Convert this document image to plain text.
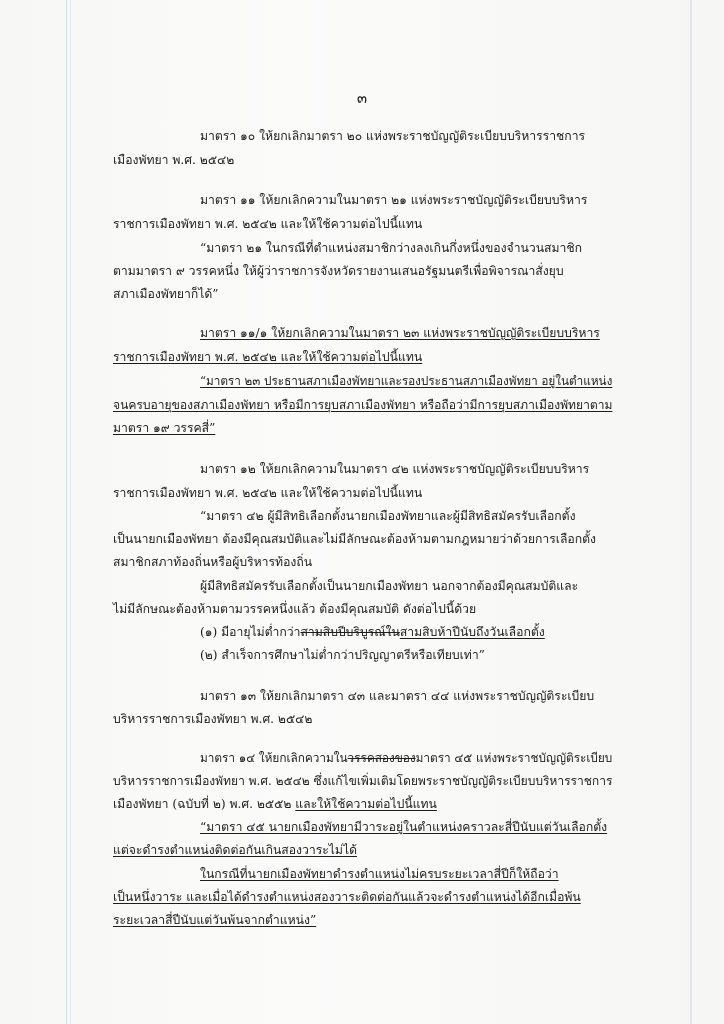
๓
มาตรา ๑๐ ให้ยกเลิกมาตรา ๒๐ แห่งพระราชบัญญัติระเบียบบริหารราชการ
เมืองพัทยา พ.ศ. ๒๕๔๒
มาตรา ๑๑ ให้ยกเลิกความในมาตรา ๒๑ แห่งพระราชบัญญัติระเบียบบริหาร
ราชการเมืองพัทยา พ.ศ. ๒๕๔๒ และให้ใช้ความต่อไปนี้แทน
“มาตรา ๒๑ ในกรณีที่ตำแหน่งสมาชิกว่างลงเกินกึ่งหนึ่งของจำนวนสมาชิก
ตามมาตรา ๙ วรรคหนึ่ง ให้ผู้ว่าราชการจังหวัดรายงานเสนอรัฐมนตรีเพื่อพิจารณาสั่งยุบ
สภาเมืองพัทยาก็ได้”
มาตรา ๑๑/๑ ให้ยกเลิกความในมาตรา ๒๓ แห่งพระราชบัญญัติระเบียบบริหาร
ราชการเมืองพัทยา พ.ศ. ๒๕๔๒ และให้ใช้ความต่อไปนี้แทน
“มาตรา ๒๓ ประธานสภาเมืองพัทยาและรองประธานสภาเมืองพัทยา อยู่ในตำแหน่ง
จนครบอายุของสภาเมืองพัทยา หรือมีการยุบสภาเมืองพัทยา หรือถือว่ามีการยุบสภาเมืองพัทยาตาม
มาตรา ๑๙ วรรคสี่”
มาตรา ๑๒ ให้ยกเลิกความในมาตรา ๔๒ แห่งพระราชบัญญัติระเบียบบริหาร
ราชการเมืองพัทยา พ.ศ. ๒๕๔๒ และให้ใช้ความต่อไปนี้แทน
“มาตรา ๔๒ ผู้มีสิทธิเลือกตั้งนายกเมืองพัทยาและผู้มีสิทธิสมัครรับเลือกตั้ง
เป็นนายกเมืองพัทยา ต้องมีคุณสมบัติและไม่มีลักษณะต้องห้ามตามกฎหมายว่าด้วยการเลือกตั้ง
สมาชิกสภาท้องถิ่นหรือผู้บริหารท้องถิ่น
ผู้มีสิทธิสมัครรับเลือกตั้งเป็นนายกเมืองพัทยา นอกจากต้องมีคุณสมบัติและ
ไม่มีลักษณะต้องห้ามตามวรรคหนึ่งแล้ว ต้องมีคุณสมบัติ ดังต่อไปนี้ด้วย
(๑) มีอายุไม่ต่ำกว่าสามสิบปีบริบูรณ์ในสามสิบห้าปีนับถึงวันเลือกตั้ง
(๒) สำเร็จการศึกษาไม่ต่ำกว่าปริญญาตรีหรือเทียบเท่า”
มาตรา ๑๓ ให้ยกเลิกมาตรา ๔๓ และมาตรา ๔๔ แห่งพระราชบัญญัติระเบียบ
บริหารราชการเมืองพัทยา พ.ศ. ๒๕๔๒
มาตรา ๑๔ ให้ยกเลิกความในวรรคสองของมาตรา ๔๕ แห่งพระราชบัญญัติระเบียบ
บริหารราชการเมืองพัทยา พ.ศ. ๒๕๔๒ ซึ่งแก้ไขเพิ่มเติมโดยพระราชบัญญัติระเบียบบริหารราชการ
เมืองพัทยา (ฉบับที่ ๒) พ.ศ. ๒๕๕๒ และให้ใช้ความต่อไปนี้แทน
“มาตรา ๔๕ นายกเมืองพัทยามีวาระอยู่ในตำแหน่งคราวละสี่ปีนับแต่วันเลือกตั้ง
แต่จะดำรงตำแหน่งติดต่อกันเกินสองวาระไม่ได้
ในกรณีที่นายกเมืองพัทยาดำรงตำแหน่งไม่ครบระยะเวลาสี่ปีก็ให้ถือว่า
เป็นหนึ่งวาระ และเมื่อได้ดำรงตำแหน่งสองวาระติดต่อกันแล้วจะดำรงตำแหน่งได้อีกเมื่อพ้น
ระยะเวลาสี่ปีนับแต่วันพ้นจากตำแหน่ง”
